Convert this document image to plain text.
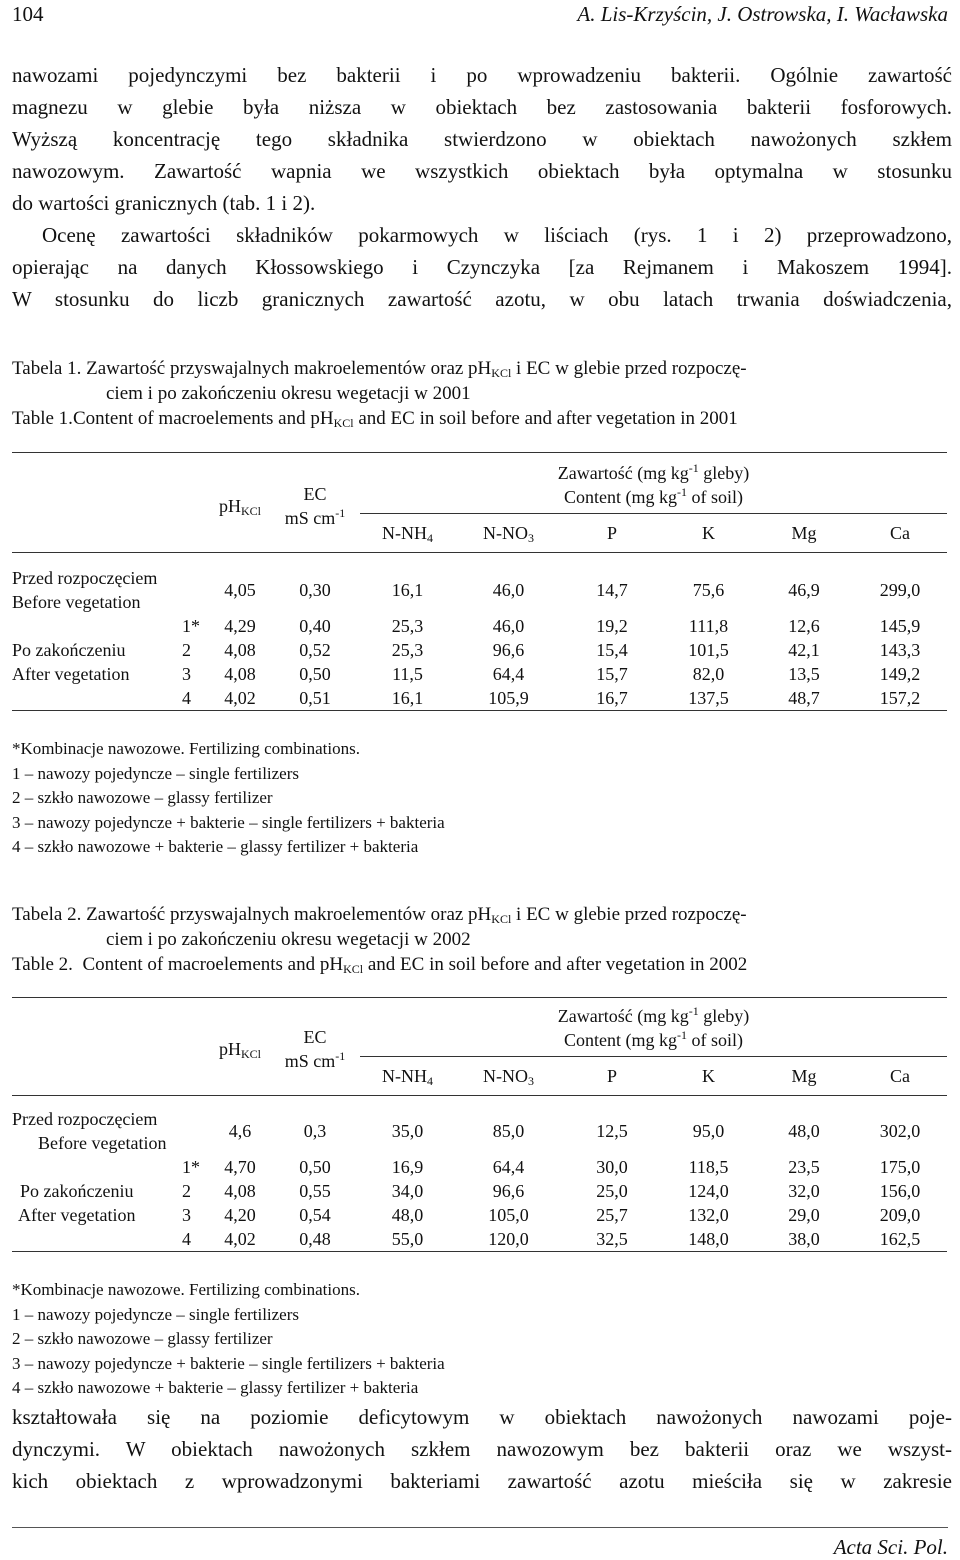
104	A. Lis-Krzyścin, J. Ostrowska, I. Wacławska

nawozami pojedynczymi bez bakterii i po wprowadzeniu bakterii. Ogólnie zawartość

magnezu w glebie była niższa w obiektach bez zastosowania bakterii fosforowych.

Wyższą koncentrację tego składnika stwierdzono w obiektach nawożonych szkłem

nawozowym. Zawartość wapnia we wszystkich obiektach była optymalna w stosunku

do wartości granicznych (tab. 1 i 2).

Ocenę zawartości składników pokarmowych w liściach (rys. 1 i 2) przeprowadzono,

opierając na danych Kłossowskiego i Czynczyka [za Rejmanem i Makoszem 1994].

W stosunku do liczb granicznych zawartość azotu, w obu latach trwania doświadczenia,

Tabela 1. Zawartość przyswajalnych makroelementów oraz $pH_{KCl}$ i EC w glebie przed rozpoczę-
ciem i po zakończeniu okresu wegetacji w 2001
Table 1.Content of macroelements and $pH_{KCl}$ and EC in soil before and after vegetation in 2001

		$pH_{KCl}$	EC
mS $cm^{-1}$	Zawartość (mg $kg^{-1}$ gleby)
Content (mg $kg^{-1}$ of soil)					
				$N-NH_4$	$N-NO_3$	P	K	Mg	Ca

Przed rozpoczęciem
Before vegetation		4,05	0,30	16,1	46,0	14,7	75,6	46,9	299,0
	1*	4,29	0,40	25,3	46,0	19,2	111,8	12,6	145,9
Po zakończeniu	2	4,08	0,52	25,3	96,6	15,4	101,5	42,1	143,3
After vegetation	3	4,08	0,50	11,5	64,4	15,7	82,0	13,5	149,2
	4	4,02	0,51	16,1	105,9	16,7	137,5	48,7	157,2
*Kombinacje nawozowe. Fertilizing combinations.
1 – nawozy pojedyncze – single fertilizers
2 – szkło nawozowe – glassy fertilizer
3 – nawozy pojedyncze + bakterie – single fertilizers + bakteria
4 – szkło nawozowe + bakterie – glassy fertilizer + bakteria
Tabela 2. Zawartość przyswajalnych makroelementów oraz $pH_{KCl}$ i EC w glebie przed rozpoczę-
ciem i po zakończeniu okresu wegetacji w 2002
Table 2. Content of macroelements and $pH_{KCl}$ and EC in soil before and after vegetation in 2002

		$pH_{KCl}$	EC
mS $cm^{-1}$	Zawartość (mg $kg^{-1}$ gleby)
Content (mg $kg^{-1}$ of soil)					
				$N-NH_4$	$N-NO_3$	P	K	Mg	Ca

Przed rozpoczęciem
Before vegetation		4,6	0,3	35,0	85,0	12,5	95,0	48,0	302,0
	1*	4,70	0,50	16,9	64,4	30,0	118,5	23,5	175,0
Po zakończeniu	2	4,08	0,55	34,0	96,6	25,0	124,0	32,0	156,0
After vegetation	3	4,20	0,54	48,0	105,0	25,7	132,0	29,0	209,0
	4	4,02	0,48	55,0	120,0	32,5	148,0	38,0	162,5
*Kombinacje nawozowe. Fertilizing combinations.
1 – nawozy pojedyncze – single fertilizers
2 – szkło nawozowe – glassy fertilizer
3 – nawozy pojedyncze + bakterie – single fertilizers + bakteria
4 – szkło nawozowe + bakterie – glassy fertilizer + bakteria

kształtowała się na poziomie deficytowym w obiektach nawożonych nawozami poje-

dynczymi. W obiektach nawożonych szkłem nawozowym bez bakterii oraz we wszyst-

kich obiektach z wprowadzonymi bakteriami zawartość azotu mieściła się w zakresie

Acta Sci. Pol.
